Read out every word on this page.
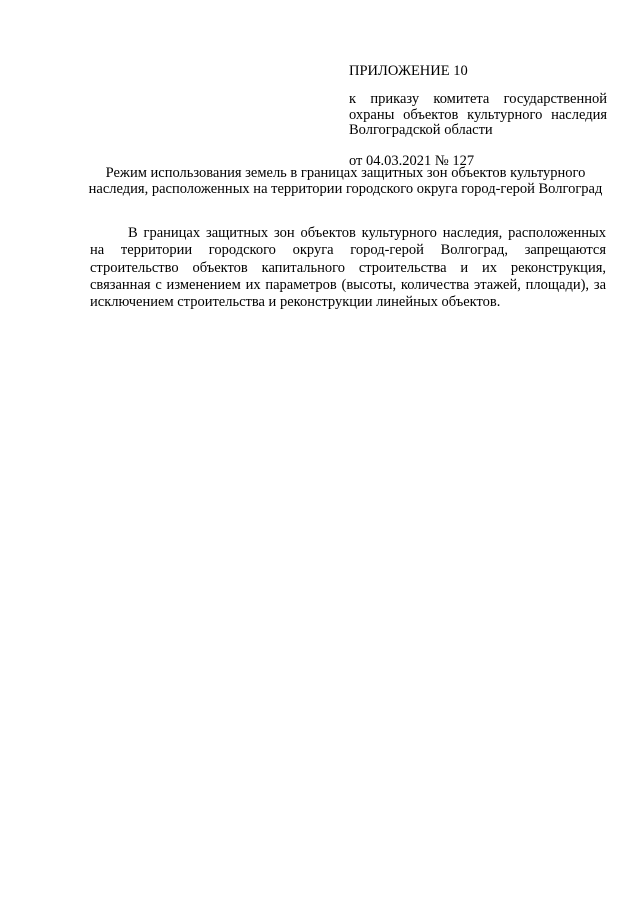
ПРИЛОЖЕНИЕ 10

к приказу комитета государственной охраны объектов культурного наследия Волгоградской области

от 04.03.2021 № 127

Режим использования земель в границах защитных зон объектов культурного наследия, расположенных на территории городского округа город-герой Волгоград

В границах защитных зон объектов культурного наследия, расположенных на территории городского округа город-герой Волгоград, запрещаются строительство объектов капитального строительства и их реконструкция, связанная с изменением их параметров (высоты, количества этажей, площади), за исключением строительства и реконструкции линейных объектов.
